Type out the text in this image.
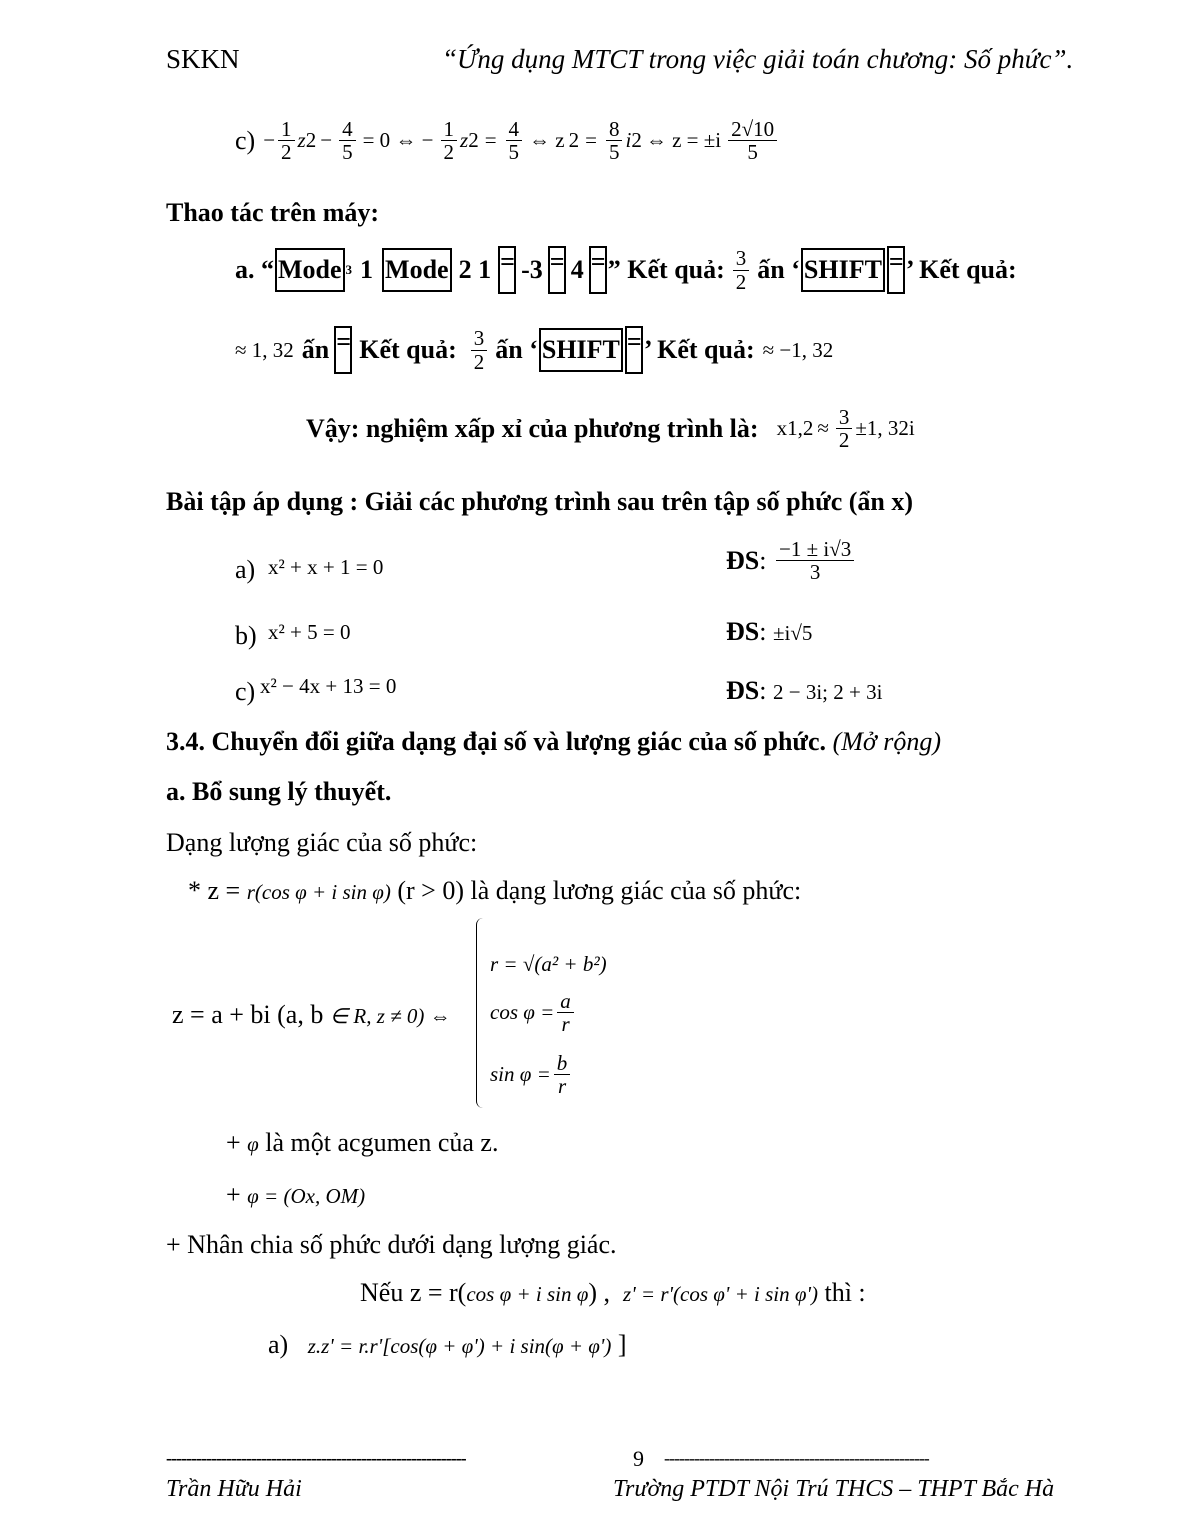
SKKN	“Ứng dụng MTCT trong việc giải toán chương: Số phức”.
$c) - \frac{1}{2}$ z $2 - \frac{4}{5} = 0$ ⇔ − $\frac{1}{2}$ z $2 = \frac{4}{5}$ ⇔ z $2 = \frac{8}{5}$ i 2 ⇔ $z = \pm i \frac{2√10}{5}$
Thao tác trên máy:
a. “ Mode 3 1 Mode 2 1 = -3 = 4 = ” Kết quả: $\frac{3}{2}$ ấn ‘ SHIFT = ’ Kết quả:
≈ 1, 32 ấn = Kết quả: $\frac{3}{2}$ ấn ‘ SHIFT = ’ Kết quả: ≈ −1, 32
Vậy: nghiệm xấp xỉ của phương trình là: x $1,2 \approx \frac{3}{2} \pm 1$, 32i
Bài tập áp dụng : Giải các phương trình sau trên tập số phức (ẩn x)
a) x² + x + 1 = 0	ĐS : $\frac{-1 \pm i√3}{3}$
b) x² + 5 = 0	ĐS: ±i√5
c) x² − 4x + 13 = 0	ĐS: 2 − 3i; 2 + 3i
3.4. Chuyển đổi giữa dạng đại số và lượng giác của số phức. (Mở rộng)
a. Bổ sung lý thuyết.
Dạng lượng giác của số phức:
* z = r(cos φ + i sin φ) (r > 0) là dạng lương giác của số phức:
z = a + bi (a, b ∈ R, z ≠ 0) ⇔
r = √(a² + b²)
$\cos \varphi = \frac{a}{r}$
$\sin \varphi = \frac{b}{r}$
+ φ là một acgumen của z.
+ φ = (Ox, OM)
+ Nhân chia số phức dưới dạng lượng giác.
Nếu z = r(cos φ + i sin φ) , z' = r'(cos φ' + i sin φ') thì :
a) z.z' = r.r'[cos(φ + φ') + i sin(φ + φ') ]
------------------------------------------------------------	9 -----------------------------------------------------
Trần Hữu Hải	Trường PTDT Nội Trú THCS – THPT Bắc Hà
